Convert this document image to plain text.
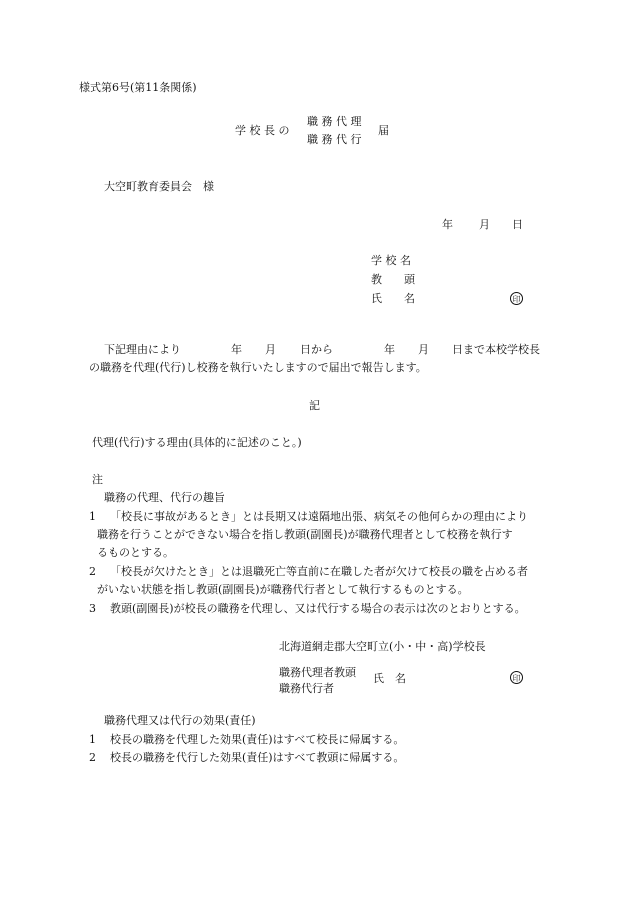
様式第6号(第11条関係)
学 校 長 の
職 務 代 理
職 務 代 行
届
大空町教育委員会　様
年 月 日
学 校 名
教　　頭
氏　　名	印
下記理由により	年 月 日から	年 月 日まで本校学校長
の職務を代理(代行)し校務を執行いたしますので届出で報告します。
記
代理(代行)する理由(具体的に記述のこと。)
注
職務の代理、代行の趣旨
1 「校長に事故があるとき」とは長期又は遠隔地出張、病気その他何らかの理由により
職務を行うことができない場合を指し教頭(副園長)が職務代理者として校務を執行す
るものとする。
2 「校長が欠けたとき」とは退職死亡等直前に在職した者が欠けて校長の職を占める者
がいない状態を指し教頭(副園長)が職務代行者として執行するものとする。
3 教頭(副園長)が校長の職務を代理し、又は代行する場合の表示は次のとおりとする。
北海道網走郡大空町立(小・中・高)学校長
職務代理者教頭
職務代行者
氏　名	印
職務代理又は代行の効果(責任)
1 校長の職務を代理した効果(責任)はすべて校長に帰属する。
2 校長の職務を代行した効果(責任)はすべて教頭に帰属する。
